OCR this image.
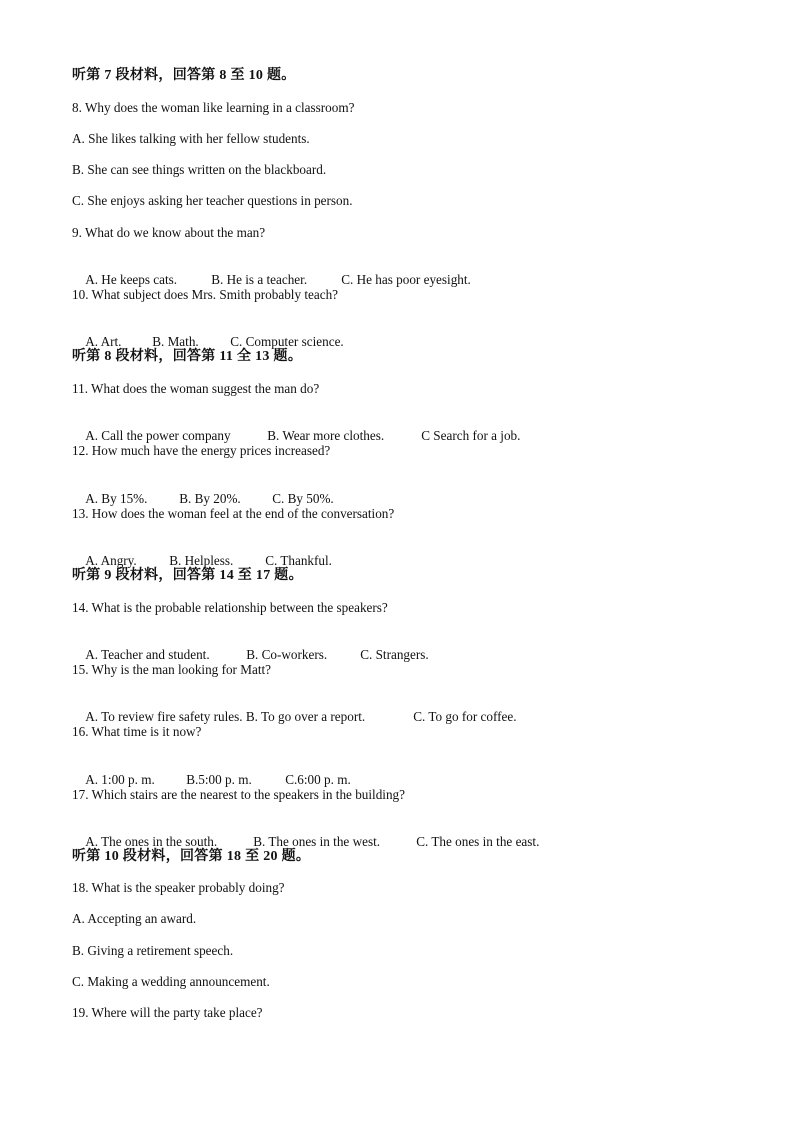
听第 7 段材料，回答第 8 至 10 题。
8. Why does the woman like learning in a classroom?
A. She likes talking with her fellow students.
B. She can see things written on the blackboard.
C. She enjoys asking her teacher questions in person.
9. What do we know about the man?

A. He keeps cats.	B. He is a teacher.	C. He has poor eyesight.

10. What subject does Mrs. Smith probably teach?

A. Art. B. Math. C. Computer science.

听第 8 段材料，回答第 11 全 13 题。
11. What does the woman suggest the man do?

A. Call the power company	B. Wear more clothes.	C Search for a job.

12. How much have the energy prices increased?

A. By 15%. B. By 20%. C. By 50%.

13. How does the woman feel at the end of the conversation?

A. Angry. B. Helpless. C. Thankful.

听第 9 段材料，回答第 14 至 17 题。
14. What is the probable relationship between the speakers?

A. Teacher and student.	B. Co-workers.	C. Strangers.

15. Why is the man looking for Matt?

A. To review fire safety rules. B. To go over a report.	C. To go for coffee.

16. What time is it now?

A. 1:00 p. m. B.5:00 p. m.	C.6:00 p. m.

17. Which stairs are the nearest to the speakers in the building?

A. The ones in the south.	B. The ones in the west.	C. The ones in the east.

听第 10 段材料，回答第 18 至 20 题。
18. What is the speaker probably doing?
A. Accepting an award.
B. Giving a retirement speech.
C. Making a wedding announcement.
19. Where will the party take place?
